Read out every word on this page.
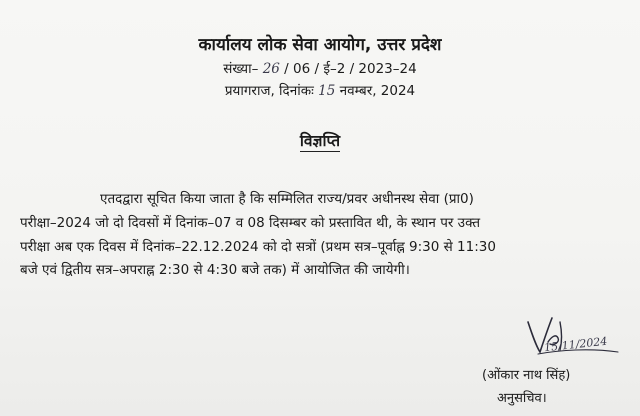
कार्यालय लोक सेवा आयोग, उत्तर प्रदेश
संख्या– 26 / 06 / ई–2 / 2023–24
प्रयागराज, दिनांकः 15 नवम्बर, 2024
विज्ञप्ति
एतदद्वारा सूचित किया जाता है कि सम्मिलित राज्य/प्रवर अधीनस्थ सेवा (प्रा0)
परीक्षा–2024 जो दो दिवसों में दिनांक–07 व 08 दिसम्बर को प्रस्तावित थी, के स्थान पर उक्त
परीक्षा अब एक दिवस में दिनांक–22.12.2024 को दो सत्रों (प्रथम सत्र–पूर्वाह्न 9:30 से 11:30
बजे एवं द्वितीय सत्र–अपराह्न 2:30 से 4:30 बजे तक) में आयोजित की जायेगी।
15/11/2024
(ओंकार नाथ सिंह)
अनुसचिव।
